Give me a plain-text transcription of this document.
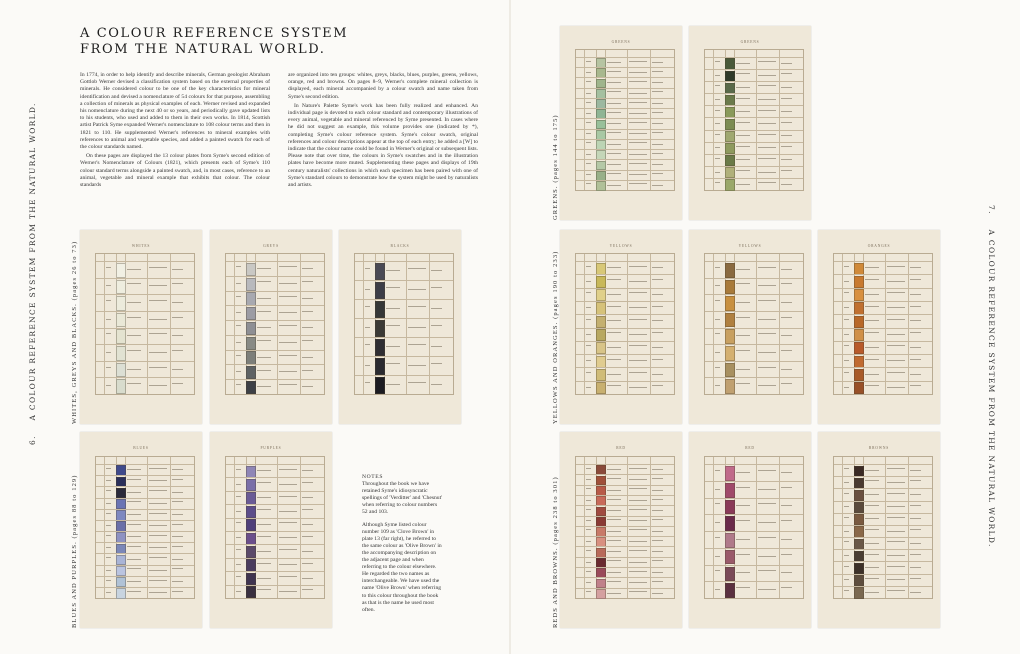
A COLOUR REFERENCE SYSTEM
FROM THE NATURAL WORLD.

In 1774, in order to help identify and describe minerals, German geologist Abraham Gottlob Werner devised a classification system based on the external properties of minerals. He considered colour to be one of the key characteristics for mineral identification and devised a nomenclature of 54 colours for that purpose, assembling a collection of minerals as physical examples of each. Werner revised and expanded his nomenclature during the next 40 or so years, and periodically gave updated lists to his students, who used and added to them in their own works. In 1814, Scottish artist Patrick Syme expanded Werner's nomenclature to 108 colour terms and then in 1821 to 110. He supplemented Werner's references to mineral examples with references to animal and vegetable species, and added a painted swatch for each of the colour standards named.

On these pages are displayed the 13 colour plates from Syme's second edition of Werner's Nomenclature of Colours (1821), which presents each of Syme's 110 colour standard terms alongside a painted swatch, and, in most cases, reference to an animal, vegetable and mineral example that exhibits that colour. The colour standards

are organized into ten groups: whites, greys, blacks, blues, purples, greens, yellows, orange, red and browns. On pages 8–9, Werner's complete mineral collection is displayed, each mineral accompanied by a colour swatch and name taken from Syme's second edition.

In Nature's Palette Syme's work has been fully realized and enhanced. An individual page is devoted to each colour standard and contemporary illustrations of every animal, vegetable and mineral referenced by Syme presented. In cases where he did not suggest an example, this volume provides one (indicated by *), completing Syme's colour reference system. Syme's colour swatch, original references and colour descriptions appear at the top of each entry; he added a [W] to indicate that the colour name could be found in Werner's original or subsequent lists. Please note that over time, the colours in Syme's swatches and in the illustration plates have become more muted. Supplementing these pages and displays of 19th century naturalists' collections in which each specimen has been paired with one of Syme's standard colours to demonstrate how the system might be used by naturalists and artists.

6.    A COLOUR REFERENCE SYSTEM FROM THE NATURAL WORLD.	WHITES, GREYS AND BLACKS. (pages 26 to 73)
BLUES AND PURPLES. (pages 88 to 129)
WHITES	GREYS	BLACKS
BLUES	PURPLES
NOTES

Throughout the book we have retained Syme's idiosyncratic spellings of 'Verditter' and 'Chesnut' when referring to colour numbers 52 and 103.

Although Syme listed colour number 109 as 'Clove Brown' in plate 13 (far right), he referred to the same colour as 'Olive Brown' in the accompanying description on the adjacent page and when referring to the colour elsewhere. He regarded the two names as interchangeable. We have used the name 'Olive Brown' when referring to this colour throughout the book as that is the name he used most often.

GREENS. (pages 144 to 175)
YELLOWS AND ORANGES. (pages 190 to 233)
REDS AND BROWNS. (pages 238 to 301)
7.    A COLOUR REFERENCE SYSTEM FROM THE NATURAL WORLD.
GREENS	GREENS
YELLOWS	YELLOWS	ORANGES
RED	RED	BROWNS
